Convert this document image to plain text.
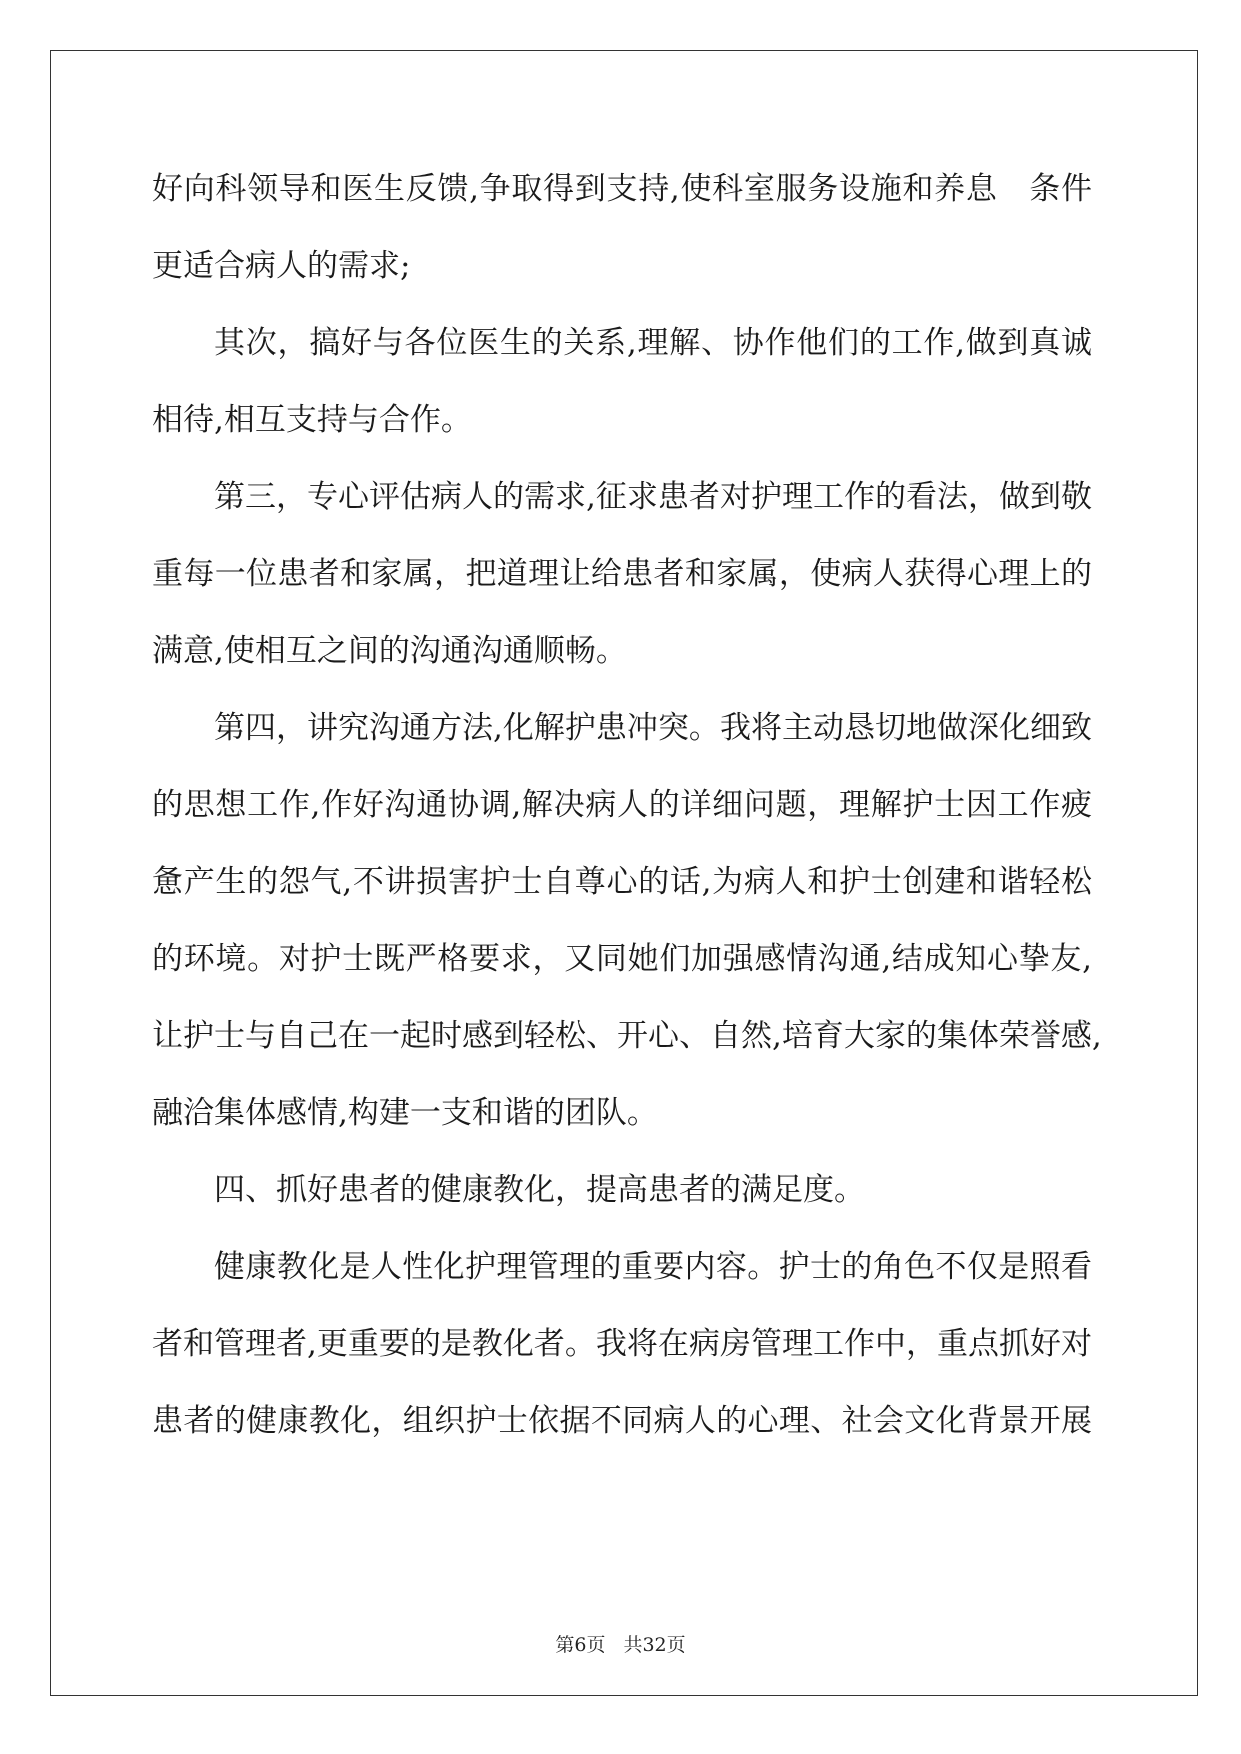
好向科领导和医生反馈,争取得到支持,使科室服务设施和养息　条件
更适合病人的需求;
其次，搞好与各位医生的关系,理解、协作他们的工作,做到真诚
相待,相互支持与合作。
第三，专心评估病人的需求,征求患者对护理工作的看法，做到敬
重每一位患者和家属，把道理让给患者和家属，使病人获得心理上的
满意,使相互之间的沟通沟通顺畅。
第四，讲究沟通方法,化解护患冲突。我将主动恳切地做深化细致
的思想工作,作好沟通协调,解决病人的详细问题，理解护士因工作疲
惫产生的怨气,不讲损害护士自尊心的话,为病人和护士创建和谐轻松
的环境。对护士既严格要求，又同她们加强感情沟通,结成知心挚友,
让护士与自己在一起时感到轻松、开心、自然,培育大家的集体荣誉感,
融洽集体感情,构建一支和谐的团队。
四、抓好患者的健康教化，提高患者的满足度。
健康教化是人性化护理管理的重要内容。护士的角色不仅是照看
者和管理者,更重要的是教化者。我将在病房管理工作中，重点抓好对
患者的健康教化，组织护士依据不同病人的心理、社会文化背景开展
第6页 共32页
